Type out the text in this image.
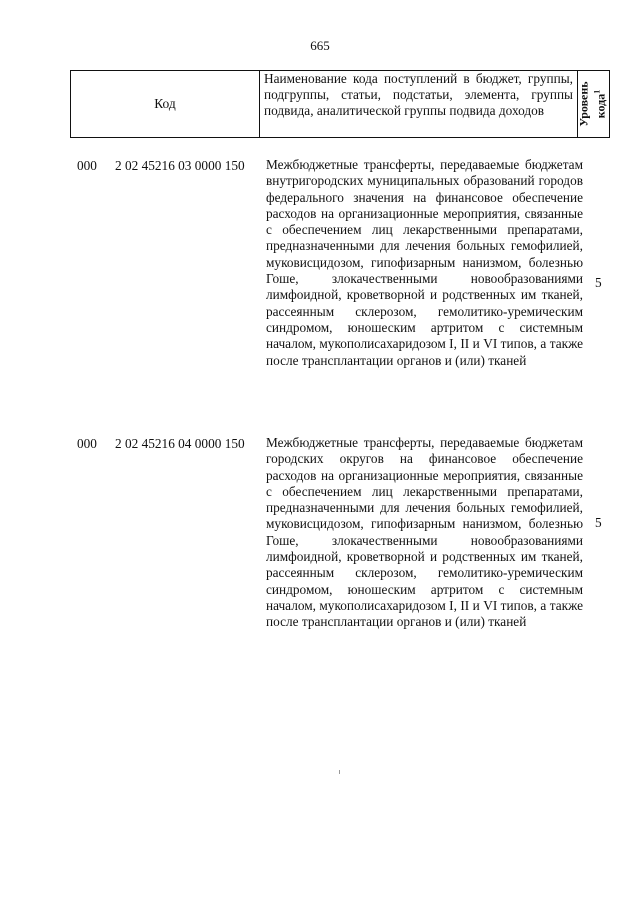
665
Код
Наименование кода поступлений в бюджет, группы, подгруппы, статьи, подстатьи, элемента, группы подвида, аналитической группы подвида доходов	Уровень кода$^1$
000 2 02 45216 03 0000 150 Межбюджетные трансферты, передаваемые бюджетам внутригородских муниципальных образований городов федерального значения на финансовое обеспечение расходов на организационные мероприятия, связанные с обеспечением лиц лекарственными препаратами, предназначенными для лечения больных гемофилией, муковисцидозом, гипофизарным нанизмом, болезнью Гоше, злокачественными новообразованиями лимфоидной, кроветворной и родственных им тканей, рассеянным склерозом, гемолитико-уремическим синдромом, юношеским артритом с системным началом, мукополисахаридозом I, II и VI типов, а также после трансплантации органов и (или) тканей
5
000 2 02 45216 04 0000 150 Межбюджетные трансферты, передаваемые бюджетам городских округов на финансовое обеспечение расходов на организационные мероприятия, связанные с обеспечением лиц лекарственными препаратами, предназначенными для лечения больных гемофилией, муковисцидозом, гипофизарным нанизмом, болезнью Гоше, злокачественными новообразованиями лимфоидной, кроветворной и родственных им тканей, рассеянным склерозом, гемолитико-уремическим синдромом, юношеским артритом с системным началом, мукополисахаридозом I, II и VI типов, а также после трансплантации органов и (или) тканей
5
